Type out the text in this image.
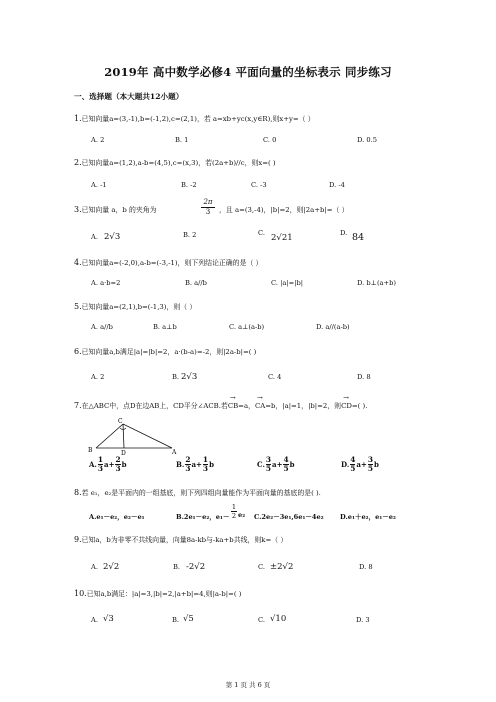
2019年 高中数学必修4 平面向量的坐标表示 同步练习
一、选择题（本大题共12小题）
1.已知向量a=(3,-1),b=(-1,2),c=(2,1)，若 a=xb+yc(x,y∈R),则x+y=（ ）
A. 2	B. 1	C. 0	D. 0.5
2.已知向量a=(1,2),a-b=(4,5),c=(x,3)，若(2a+b)//c，则x=( )
A. -1	B. -2	C. -3	D. -4
3.已知向量 a，b 的夹角为
2π
3	，且 a=(3,-4)，|b|=2，则|2a+b|=（ ）
A. 2√3	B. 2	C. 2√21	D. 84
4.已知向量a=(-2,0),a-b=(-3,-1)，则下列结论正确的是（ ）
A. a·b=2	B. a//b	C. |a|=|b|	D. b⊥(a+b)
5.已知向量a=(2,1),b=(-1,3)，则（ ）
A. a//b	B. a⊥b	C. a⊥(a-b)	D. a//(a-b)
6.已知向量a,b满足|a|=|b|=2，a·(b-a)=-2，则|2a-b|=( )
A. 2	B. 2√3	C. 4	D. 8
7.在△ABC中，点D在边AB上，CD平分∠ACB.若
→
CB=a，
→
CA=b，|a|=1，|b|=2，则
→
CD=( ).
C
B	D	A
A. $\frac{1}{3} a+ \frac{2}{3}$ b	B. $\frac{2}{3} a+ \frac{1}{3}$ b	C. $\frac{3}{5} a+ \frac{4}{5}$ b	D. $\frac{4}{5} a+ \frac{3}{5}$ b
8.若 e₁，e₂是平面内的一组基底，则下列四组向量能作为平面向量的基底的是( ).
A.e₁－e₂，e₂－e₁	B.2e₁－e₂，e₁－
1
2 e₂ C.2e₂－3e₁,6e₁－4e₂ D.e₁＋e₂，e₁－e₂
9.已知a，b为非零不共线向量，向量8a-kb与-ka+b共线，则k=（ ）
A. 2√2	B. -2√2	C. ±2√2	D. 8
10.已知a,b满足：|a|=3,|b|=2,|a+b|=4,则|a-b|=( )
A. √3	B. √5	C. √10	D. 3
第 1 页 共 6 页
